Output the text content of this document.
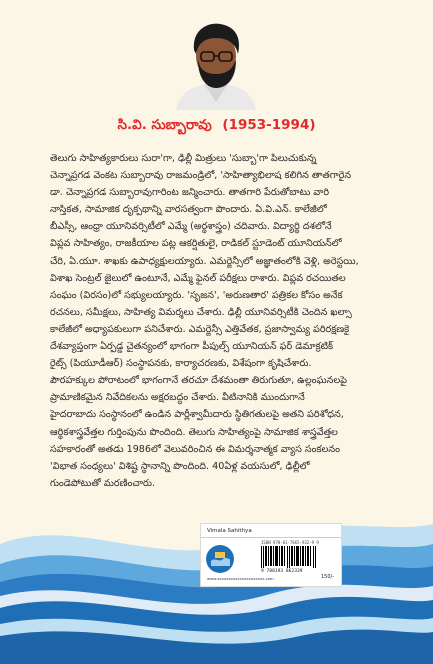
సి.వి. సుబ్బారావు (1953-1994)
తెలుగు సాహిత్యకారులు సురా'గా, ఢిల్లీ మిత్రులు 'సుబ్బా'గా పిలుచుకున్న
చెన్నాప్రగడ వెంకట సుబ్బారావు రాజమండ్రిలో, 'సాహిత్యాభిలాష కలిగిన తాతగారైన
డా. చెన్నాప్రగడ సుబ్బారావుగారింట జన్మించారు. తాతగారి పేరుతోబాటు వారి
నాస్తికత, సామాజిక దృక్పథాన్ని వారసత్వంగా పొందారు. ఏ.వి.ఎన్. కాలేజీలో
బీఎస్సీ, ఆంధ్రా యూనివర్సిటీలో ఎమ్మే (అర్థశాస్త్రం) చదివారు. విద్యార్థి దశలోనే
విప్లవ సాహిత్యం, రాజకీయాల పట్ల ఆకర్షితులై, రాడికల్ స్టూడెంట్ యూనియన్‌లో
చేరి, ఏ.యూ. శాఖకు ఉపాధ్యక్షులయ్యారు. ఎమర్జెన్సీలో అజ్ఞాతంలోకి వెళ్లి, అరెస్టయి,
విశాఖ సెంట్రల్ జైలులో ఉంటూనే, ఎమ్మే ఫైనల్ పరీక్షలు రాశారు. విప్లవ రచయితల
సంఘం (విరసం)లో సభ్యులయ్యారు. 'సృజన', 'అరుణతార' పత్రికల కోసం అనేక
రచనలు, సమీక్షలు, సాహిత్య విమర్శలు చేశారు. ఢిల్లీ యూనివర్సిటీకి చెందిన ఖల్సా
కాలేజీలో అధ్యాపకులుగా పనిచేశారు. ఎమర్జెన్సీ ఎత్తివేతక, ప్రజాస్వామ్య పరిరక్షణకై
దేశవ్యాప్తంగా ఏర్పడ్డ చైతన్యంలో భాగంగా పీపుల్స్ యూనియన్ ఫర్ డెమాక్రటిక్
రైట్స్ (పియూడీఆర్) సంస్థాపనకు, కార్యాచరణకు, విశేషంగా కృషిచేశారు.
పౌరహక్కుల పోరాటంలో భాగంగానే తరచూ దేశమంతా తిరుగుతూ, ఉల్లంఘనలపై
ప్రామాణికమైన నివేదికలను అక్షరబద్ధం చేశారు. వీటినానికి ముందుగానే
హైదరాబాదు సంస్థానంలో ఉండిన పార్లీశ్వామీదారు స్థితిగతులపై అతని పరిశోధన,
ఆర్థికశాస్త్రవేత్తల గుర్తింపును పొందింది. తెలుగు సాహిత్యంపై సామాజిక శాస్త్రవేత్తల
సహకారంతో అతడు 1986లో వెలువరించిన ఈ విమర్శనాత్మక వ్యాస సంకలనం
'విభాత సంధ్యలు' విశిష్ట స్థానాన్ని పొందింది. 40ఏళ్ల వయసులో, ఢిల్లీలో
గుండెపోటుతో మరణించారు.
Vimala Sahithya
ISBN 978-81-7865-932-9 9
9 788193 862339
www.xxxxxxxxxxxxxxxxxxxxx.com	150/-
